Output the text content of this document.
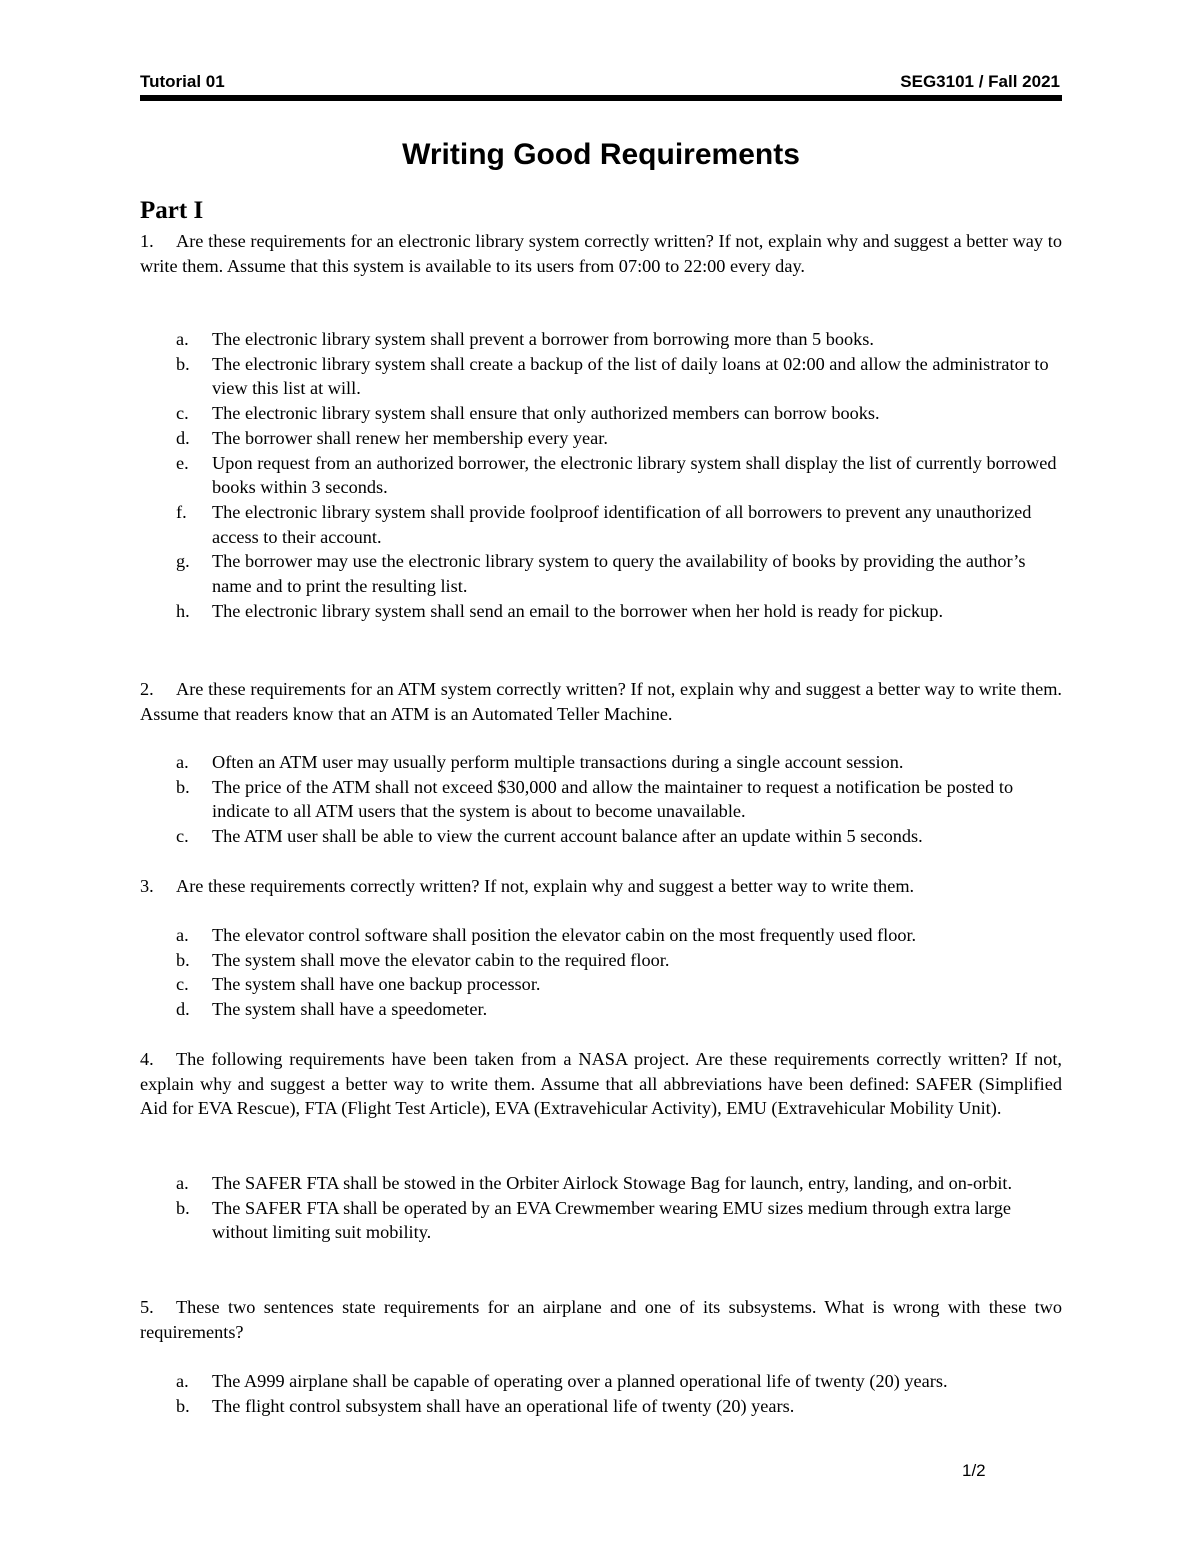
Tutorial 01	SEG3101 / Fall 2021
Writing Good Requirements
Part I
1. Are these requirements for an electronic library system correctly written? If not, explain why and suggest a better way to write them. Assume that this system is available to its users from 07:00 to 22:00 every day.
a. The electronic library system shall prevent a borrower from borrowing more than 5 books.
b. The electronic library system shall create a backup of the list of daily loans at 02:00 and allow the administrator to view this list at will.
c. The electronic library system shall ensure that only authorized members can borrow books.
d. The borrower shall renew her membership every year.
e. Upon request from an authorized borrower, the electronic library system shall display the list of currently borrowed books within 3 seconds.
f. The electronic library system shall provide foolproof identification of all borrowers to prevent any unauthorized access to their account.
g. The borrower may use the electronic library system to query the availability of books by providing the author’s name and to print the resulting list.
h. The electronic library system shall send an email to the borrower when her hold is ready for pickup.
2. Are these requirements for an ATM system correctly written? If not, explain why and suggest a better way to write them. Assume that readers know that an ATM is an Automated Teller Machine.
a. Often an ATM user may usually perform multiple transactions during a single account session.
b. The price of the ATM shall not exceed $30,000 and allow the maintainer to request a notification be posted to indicate to all ATM users that the system is about to become unavailable.
c. The ATM user shall be able to view the current account balance after an update within 5 seconds.
3. Are these requirements correctly written? If not, explain why and suggest a better way to write them.
a. The elevator control software shall position the elevator cabin on the most frequently used floor.
b. The system shall move the elevator cabin to the required floor.
c. The system shall have one backup processor.
d. The system shall have a speedometer.
4. The following requirements have been taken from a NASA project. Are these requirements correctly written? If not, explain why and suggest a better way to write them. Assume that all abbreviations have been defined: SAFER (Simplified Aid for EVA Rescue), FTA (Flight Test Article), EVA (Extravehicular Activity), EMU (Extravehicular Mobility Unit).
a. The SAFER FTA shall be stowed in the Orbiter Airlock Stowage Bag for launch, entry, landing, and on-orbit.
b. The SAFER FTA shall be operated by an EVA Crewmember wearing EMU sizes medium through extra large without limiting suit mobility.
5. These two sentences state requirements for an airplane and one of its subsystems. What is wrong with these two requirements?
a. The A999 airplane shall be capable of operating over a planned operational life of twenty (20) years.
b. The flight control subsystem shall have an operational life of twenty (20) years.
1/2
